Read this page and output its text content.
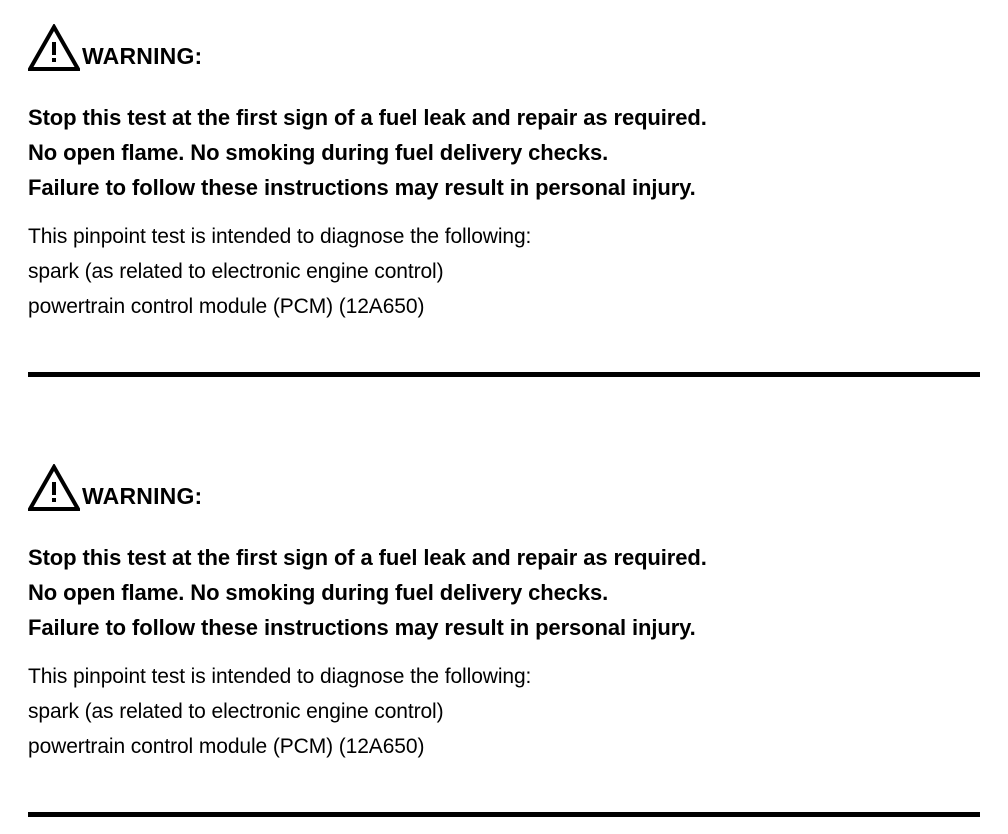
WARNING:

Stop this test at the first sign of a fuel leak and repair as required.

No open flame. No smoking during fuel delivery checks.

Failure to follow these instructions may result in personal injury.

This pinpoint test is intended to diagnose the following:

spark (as related to electronic engine control)

powertrain control module (PCM) (12A650)

WARNING:

Stop this test at the first sign of a fuel leak and repair as required.

No open flame. No smoking during fuel delivery checks.

Failure to follow these instructions may result in personal injury.

This pinpoint test is intended to diagnose the following:

spark (as related to electronic engine control)

powertrain control module (PCM) (12A650)
